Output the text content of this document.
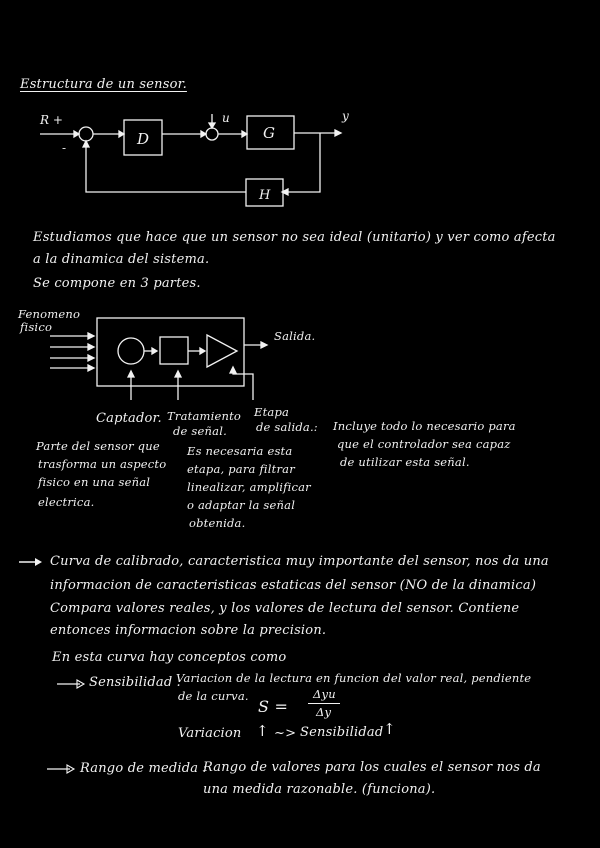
Estructura de un sensor.
R +
-	D
u
G
y
H
Estudiamos que hace que un sensor no sea ideal (unitario) y ver como afecta
a la dinamica del sistema.
Se compone en 3 partes.
Fenomeno
fisico
Salida.
Captador. Tratamiento
de señal.
Etapa
de salida.: Incluye todo lo necesario para
que el controlador sea capaz
de utilizar esta señal.
Parte del sensor que
trasforma un aspecto
fisico en una señal
electrica.
Es necesaria esta
etapa, para filtrar
linealizar, amplificar
o adaptar la señal
obtenida.
Curva de calibrado, caracteristica muy importante del sensor, nos da una
informacion de caracteristicas estaticas del sensor (NO de la dinamica)
Compara valores reales, y los valores de lectura del sensor. Contiene
entonces informacion sobre la precision.
En esta curva hay conceptos como
Sensibilidad :
Variacion de la lectura en funcion del valor real, pendiente
de la curva.
S =
Δyu
Δy
Variacion ↑ ~> Sensibilidad ↑
Rango de medida :
Rango de valores para los cuales el sensor nos da
una medida razonable. (funciona).
